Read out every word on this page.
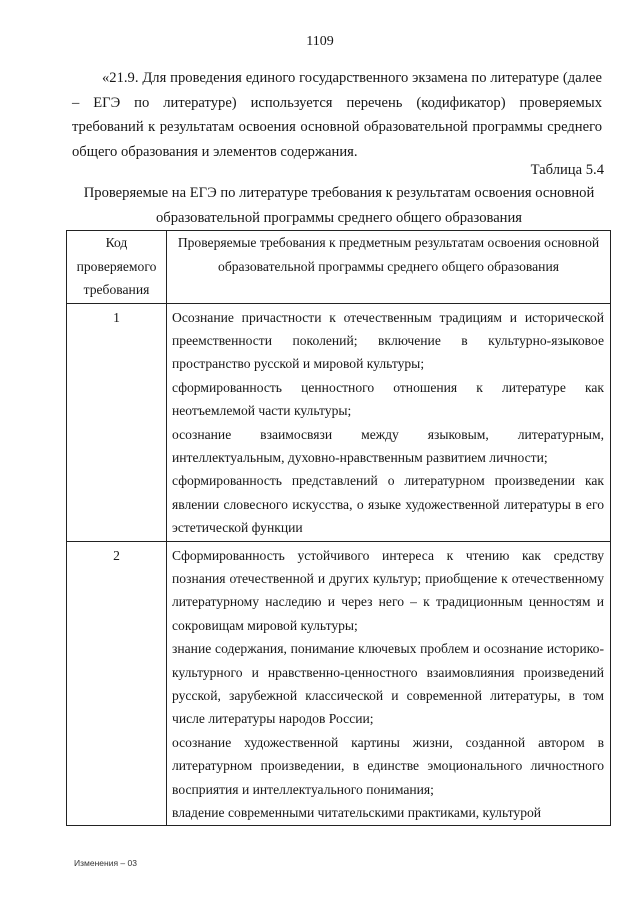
1109
«21.9. Для проведения единого государственного экзамена по литературе (далее – ЕГЭ по литературе) используется перечень (кодификатор) проверяемых требований к результатам освоения основной образовательной программы среднего общего образования и элементов содержания.
Таблица 5.4
Проверяемые на ЕГЭ по литературе требования к результатам освоения основной образовательной программы среднего общего образования
Код проверяемого требования	Проверяемые требования к предметным результатам освоения основной образовательной программы среднего общего образования
1	Осознание причастности к отечественным традициям и исторической преемственности поколений; включение в культурно-языковое пространство русской и мировой культуры;

сформированность ценностного отношения к литературе как неотъемлемой части культуры;

осознание взаимосвязи между языковым, литературным, интеллектуальным, духовно-нравственным развитием личности;

сформированность представлений о литературном произведении как явлении словесного искусства, о языке художественной литературы в его эстетической функции

2	Сформированность устойчивого интереса к чтению как средству познания отечественной и других культур; приобщение к отечественному литературному наследию и через него – к традиционным ценностям и сокровищам мировой культуры;

знание содержания, понимание ключевых проблем и осознание историко-культурного и нравственно-ценностного взаимовлияния произведений русской, зарубежной классической и современной литературы, в том числе литературы народов России;

осознание художественной картины жизни, созданной автором в литературном произведении, в единстве эмоционального личностного восприятия и интеллектуального понимания;

владение современными читательскими практиками, культурой

Изменения – 03
